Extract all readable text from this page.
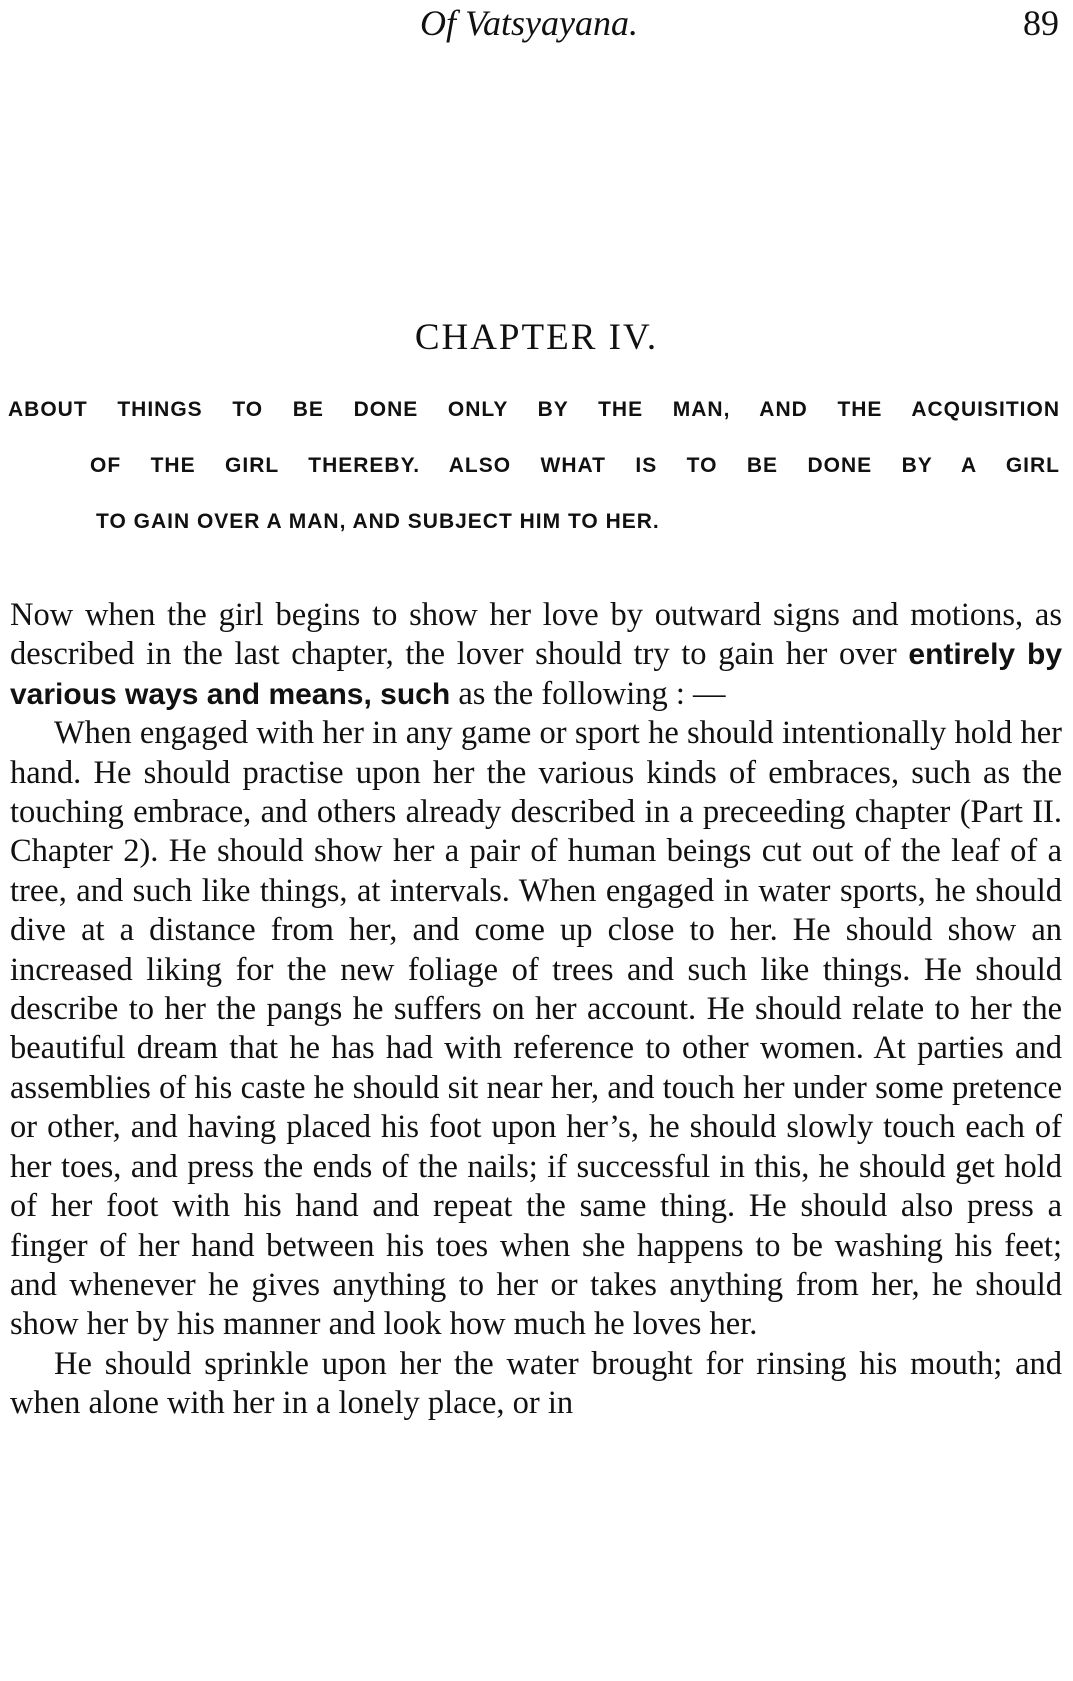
Of Vatsyayana.	89
CHAPTER IV.
ABOUT THINGS TO BE DONE ONLY BY THE MAN, AND THE ACQUISITION
OF THE GIRL THEREBY. ALSO WHAT IS TO BE DONE BY A GIRL
TO GAIN OVER A MAN, AND SUBJECT HIM TO HER.

Now when the girl begins to show her love by outward signs and motions, as described in the last chapter, the lover should try to gain her over entirely by various ways and means, such as the following : —

When engaged with her in any game or sport he should intentionally hold her hand. He should practise upon her the various kinds of embraces, such as the touching embrace, and others already described in a preceeding chapter (Part II. Chapter 2). He should show her a pair of human beings cut out of the leaf of a tree, and such like things, at intervals. When engaged in water sports, he should dive at a distance from her, and come up close to her. He should show an increased liking for the new foliage of trees and such like things. He should describe to her the pangs he suffers on her account. He should relate to her the beautiful dream that he has had with reference to other women. At parties and assemblies of his caste he should sit near her, and touch her under some pretence or other, and having placed his foot upon her’s, he should slowly touch each of her toes, and press the ends of the nails; if successful in this, he should get hold of her foot with his hand and repeat the same thing. He should also press a finger of her hand between his toes when she happens to be washing his feet; and whenever he gives anything to her or takes anything from her, he should show her by his manner and look how much he loves her.

He should sprinkle upon her the water brought for rinsing his mouth; and when alone with her in a lonely place, or in
